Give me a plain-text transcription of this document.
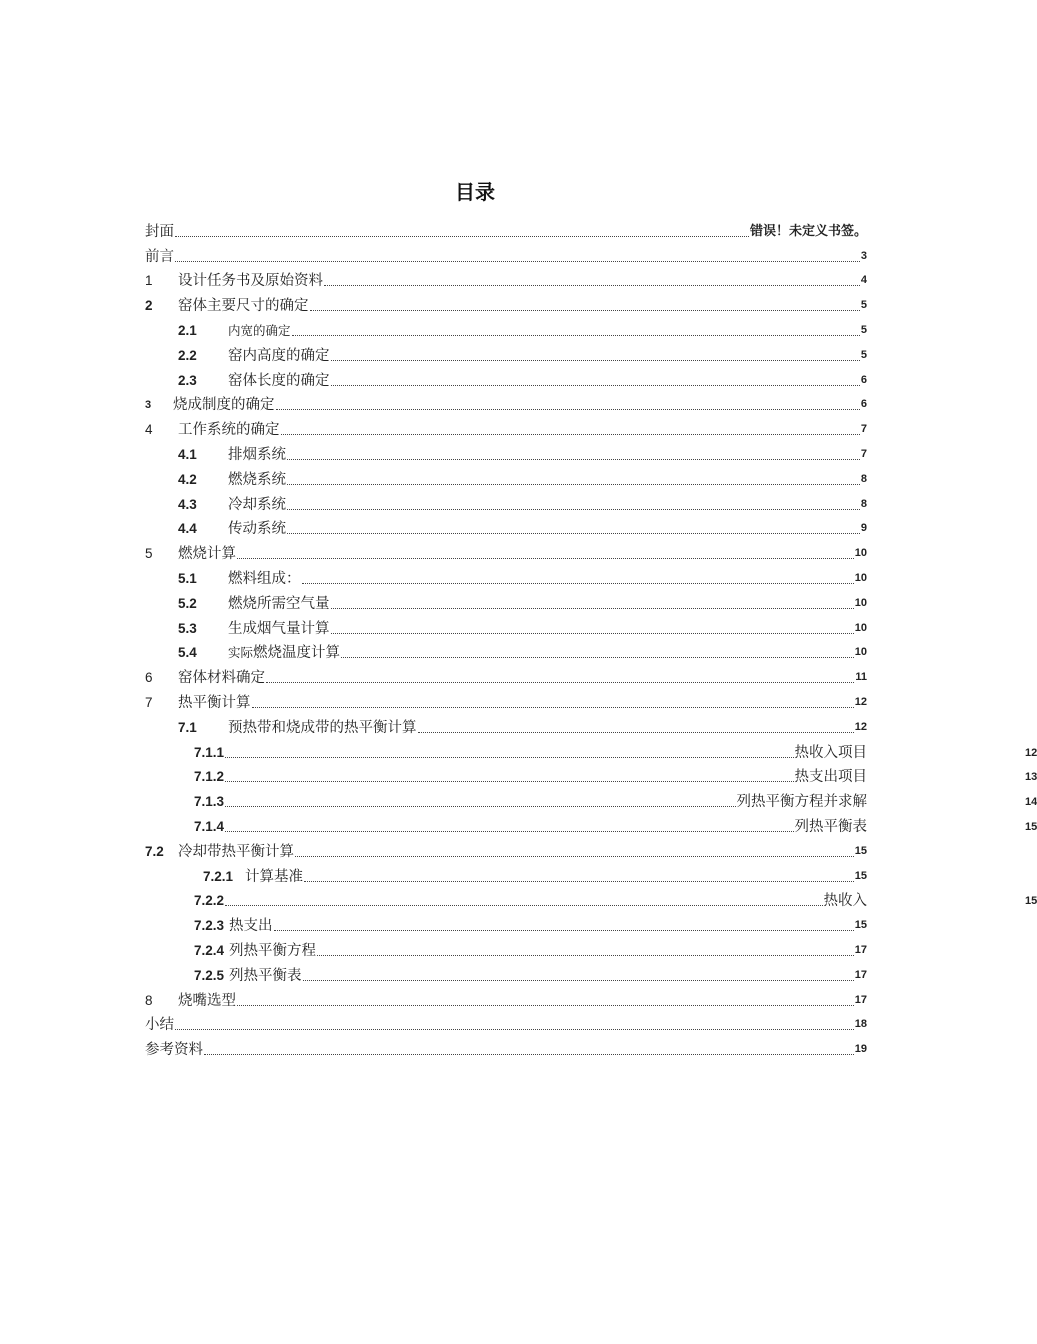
目录
封面	错误！未定义书签。
前言	3
1	设计任务书及原始资料	4
2	窑体主要尺寸的确定	5
2.1	内宽的确定	5
2.2	窑内高度的确定	5
2.3	窑体长度的确定	6
3	烧成制度的确定	6
4	工作系统的确定	7
4.1	排烟系统	7
4.2	燃烧系统	8
4.3	冷却系统	8
4.4	传动系统	9
5	燃烧计算	10
5.1	燃料组成：	10
5.2	燃烧所需空气量	10
5.3	生成烟气量计算	10
5.4	实际 燃烧温度计算	10
6	窑体材料确定	11
7	热平衡计算	12
7.1	预热带和烧成带的热平衡计算	12
7.1.1	热收入项目	12
7.1.2	热支出项目	13
7.1.3	列热平衡方程并求解	14
7.1.4	列热平衡表	15
7.2 冷却带热平衡计算	15
7.2.1 计算基准	15
7.2.2	热收入	15
7.2.3 热支出	15
7.2.4 列热平衡方程	17
7.2.5 列热平衡表	17
8	烧嘴选型	17
小结	18
参考资料	19
